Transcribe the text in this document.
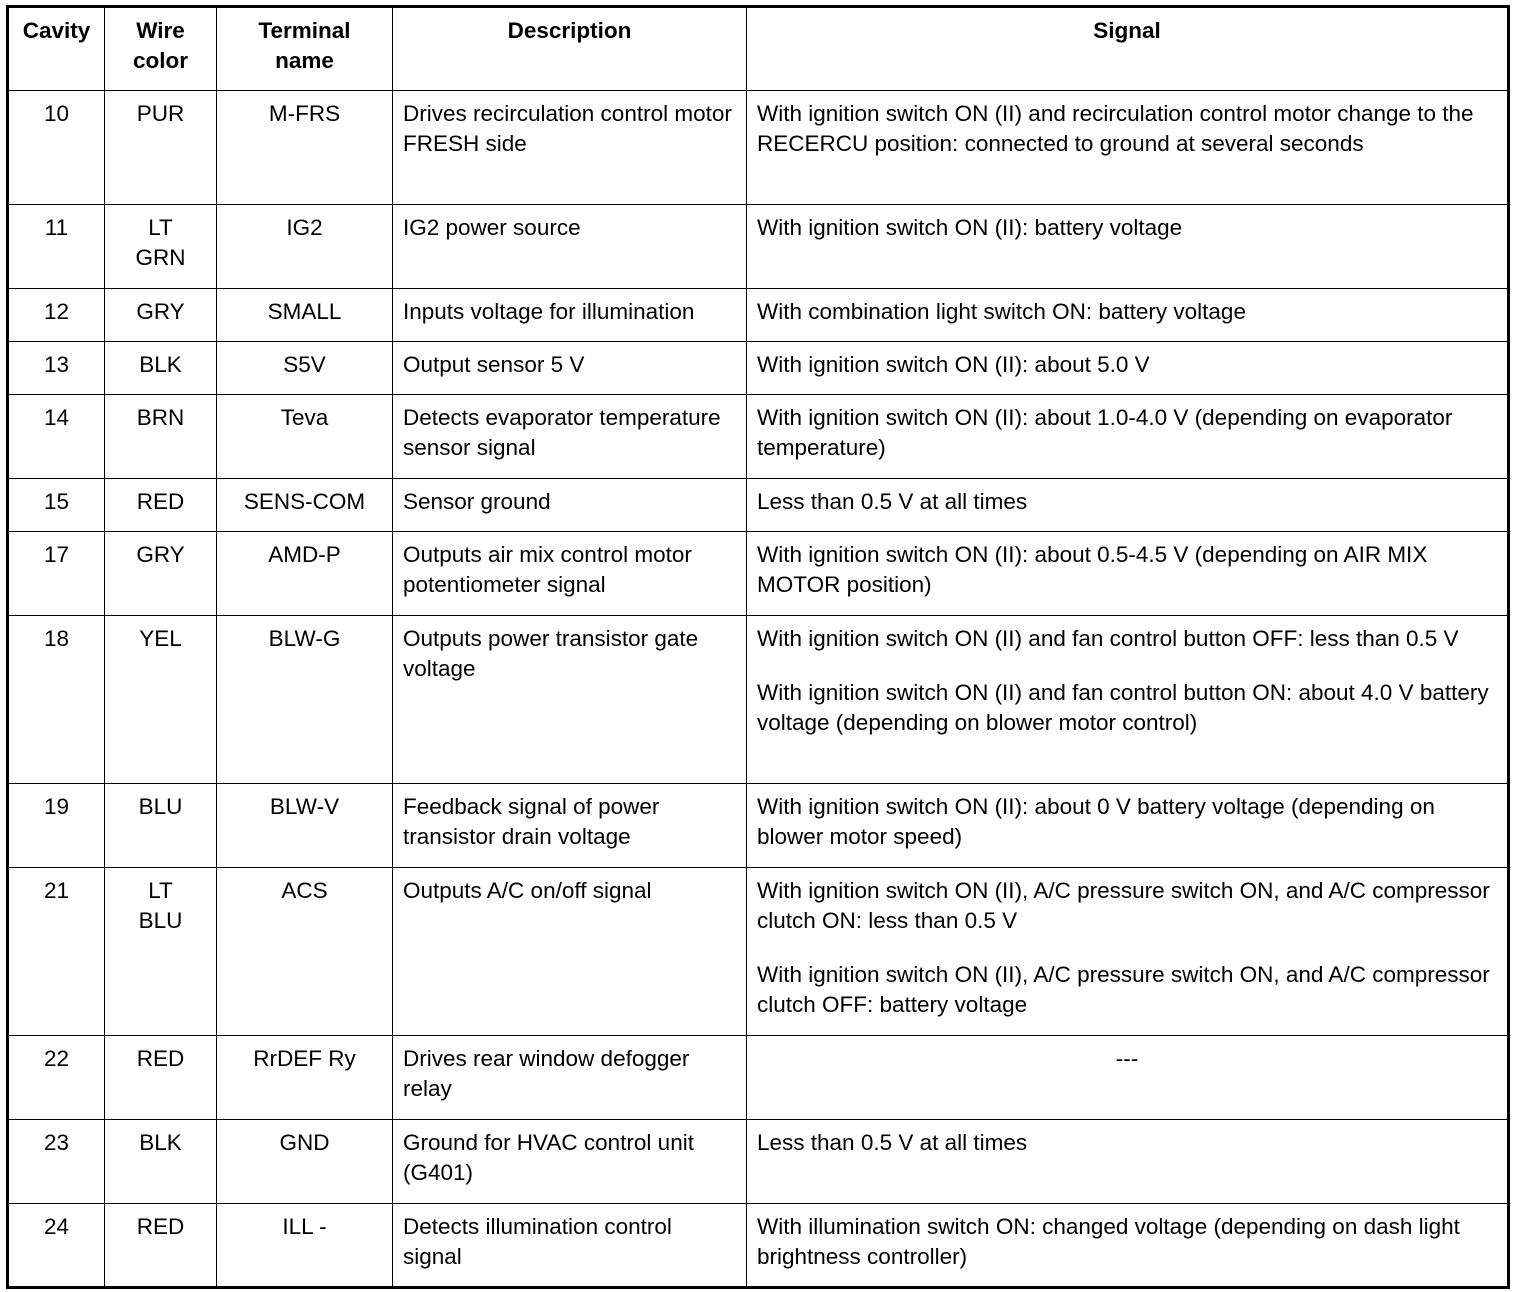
Cavity	Wire color	Terminal name	Description	Signal
10	PUR	M-FRS	Drives recirculation control motor FRESH side	With ignition switch ON (II) and recirculation control motor change to the RECERCU position: connected to ground at several seconds

11	LT GRN	IG2	IG2 power source	With ignition switch ON (II): battery voltage

12	GRY	SMALL	Inputs voltage for illumination	With combination light switch ON: battery voltage

13	BLK	S5V	Output sensor 5 V	With ignition switch ON (II): about 5.0 V

14	BRN	Teva	Detects evaporator temperature sensor signal	With ignition switch ON (II): about 1.0-4.0 V (depending on evaporator temperature)

15	RED	SENS-COM	Sensor ground	Less than 0.5 V at all times

17	GRY	AMD-P	Outputs air mix control motor potentiometer signal	With ignition switch ON (II): about 0.5-4.5 V (depending on AIR MIX MOTOR position)

18	YEL	BLW-G	Outputs power transistor gate voltage	With ignition switch ON (II) and fan control button OFF: less than 0.5 V

With ignition switch ON (II) and fan control button ON: about 4.0 V battery voltage (depending on blower motor control)

19	BLU	BLW-V	Feedback signal of power transistor drain voltage	With ignition switch ON (II): about 0 V battery voltage (depending on blower motor speed)

21	LT BLU	ACS	Outputs A/C on/off signal	With ignition switch ON (II), A/C pressure switch ON, and A/C compressor clutch ON: less than 0.5 V

With ignition switch ON (II), A/C pressure switch ON, and A/C compressor clutch OFF: battery voltage

22	RED	RrDEF Ry	Drives rear window defogger relay	---

23	BLK	GND	Ground for HVAC control unit (G401)	Less than 0.5 V at all times

24	RED	ILL -	Detects illumination control signal	With illumination switch ON: changed voltage (depending on dash light brightness controller)
